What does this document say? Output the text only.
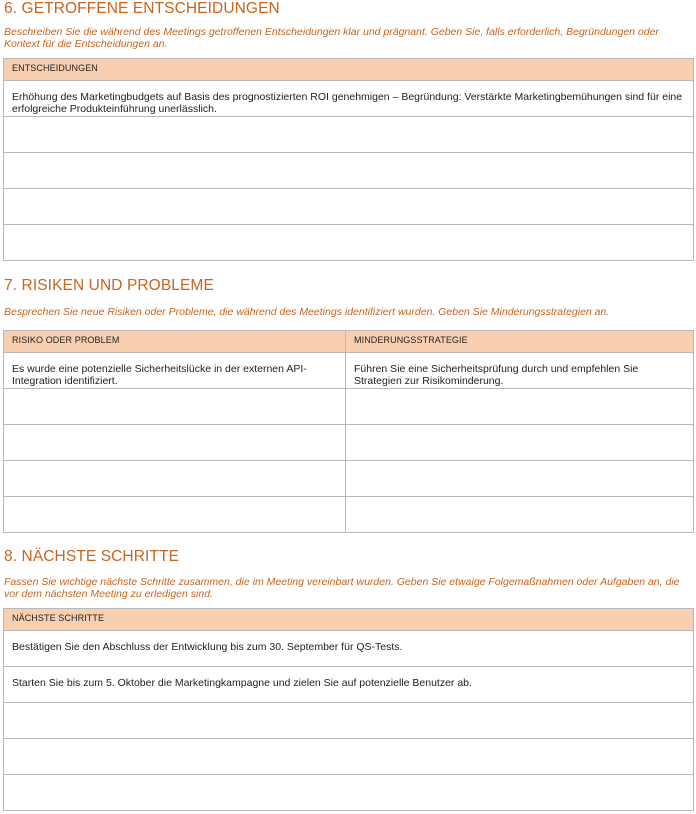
6. GETROFFENE ENTSCHEIDUNGEN

Beschreiben Sie die während des Meetings getroffenen Entscheidungen klar und prägnant. Geben Sie, falls erforderlich, Begründungen oder Kontext für die Entscheidungen an.

ENTSCHEIDUNGEN
Erhöhung des Marketingbudgets auf Basis des prognostizierten ROI genehmigen – Begründung: Verstärkte Marketingbemühungen sind für eine erfolgreiche Produkteinführung unerlässlich.

7. RISIKEN UND PROBLEME

Besprechen Sie neue Risiken oder Probleme, die während des Meetings identifiziert wurden. Geben Sie Minderungsstrategien an.

RISIKO ODER PROBLEM	MINDERUNGSSTRATEGIE
Es wurde eine potenzielle Sicherheitslücke in der externen API-Integration identifiziert.	Führen Sie eine Sicherheitsprüfung durch und empfehlen Sie Strategien zur Risikominderung.

8. NÄCHSTE SCHRITTE

Fassen Sie wichtige nächste Schritte zusammen, die im Meeting vereinbart wurden. Geben Sie etwaige Folgemaßnahmen oder Aufgaben an, die vor dem nächsten Meeting zu erledigen sind.

NÄCHSTE SCHRITTE
Bestätigen Sie den Abschluss der Entwicklung bis zum 30. September für QS-Tests.
Starten Sie bis zum 5. Oktober die Marketingkampagne und zielen Sie auf potenzielle Benutzer ab.
